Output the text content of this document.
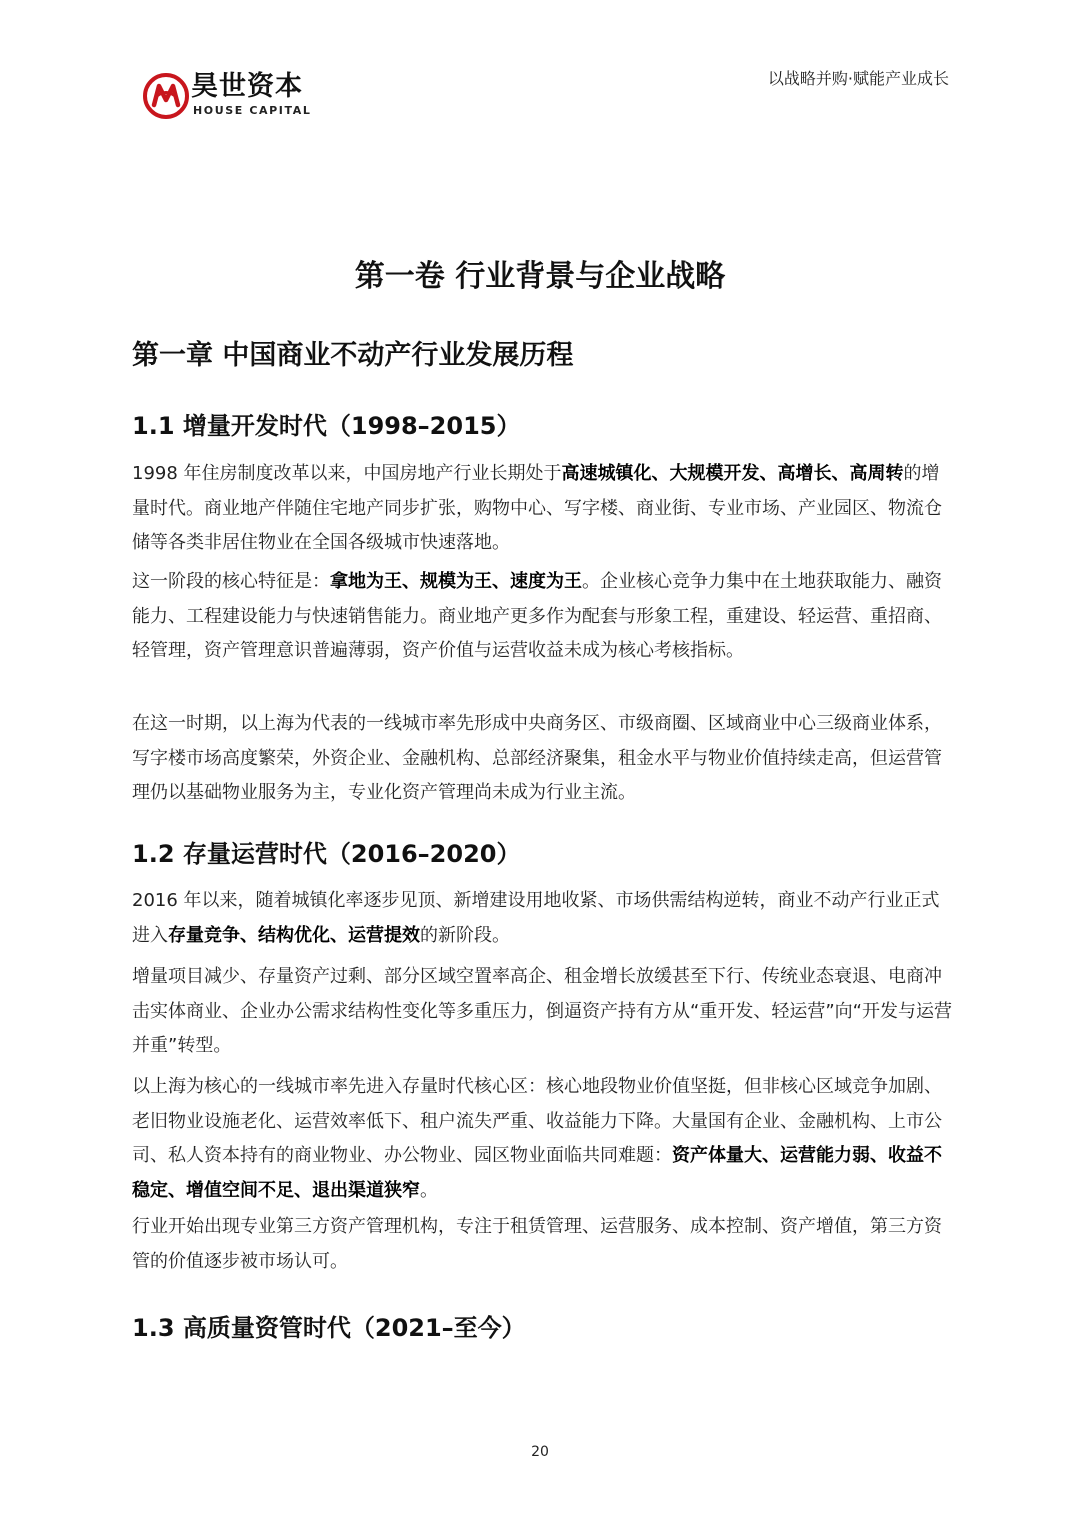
昊世资本
HOUSE CAPITAL
以战略并购·赋能产业成长
第一卷 行业背景与企业战略
第一章 中国商业不动产行业发展历程
1.1 增量开发时代（1998–2015）

1998 年住房制度改革以来，中国房地产行业长期处于高速城镇化、大规模开发、高增长、高周转的增量时代。商业地产伴随住宅地产同步扩张，购物中心、写字楼、商业街、专业市场、产业园区、物流仓储等各类非居住物业在全国各级城市快速落地。

这一阶段的核心特征是：拿地为王、规模为王、速度为王。企业核心竞争力集中在土地获取能力、融资能力、工程建设能力与快速销售能力。商业地产更多作为配套与形象工程，重建设、轻运营、重招商、轻管理，资产管理意识普遍薄弱，资产价值与运营收益未成为核心考核指标。

在这一时期，以上海为代表的一线城市率先形成中央商务区、市级商圈、区域商业中心三级商业体系，写字楼市场高度繁荣，外资企业、金融机构、总部经济聚集，租金水平与物业价值持续走高，但运营管理仍以基础物业服务为主，专业化资产管理尚未成为行业主流。

1.2 存量运营时代（2016–2020）

2016 年以来，随着城镇化率逐步见顶、新增建设用地收紧、市场供需结构逆转，商业不动产行业正式进入存量竞争、结构优化、运营提效的新阶段。

增量项目减少、存量资产过剩、部分区域空置率高企、租金增长放缓甚至下行、传统业态衰退、电商冲击实体商业、企业办公需求结构性变化等多重压力，倒逼资产持有方从“重开发、轻运营”向“开发与运营并重”转型。

以上海为核心的一线城市率先进入存量时代核心区：核心地段物业价值坚挺，但非核心区域竞争加剧、老旧物业设施老化、运营效率低下、租户流失严重、收益能力下降。大量国有企业、金融机构、上市公司、私人资本持有的商业物业、办公物业、园区物业面临共同难题：资产体量大、运营能力弱、收益不稳定、增值空间不足、退出渠道狭窄。

行业开始出现专业第三方资产管理机构，专注于租赁管理、运营服务、成本控制、资产增值，第三方资管的价值逐步被市场认可。

1.3 高质量资管时代（2021–至今）
20
